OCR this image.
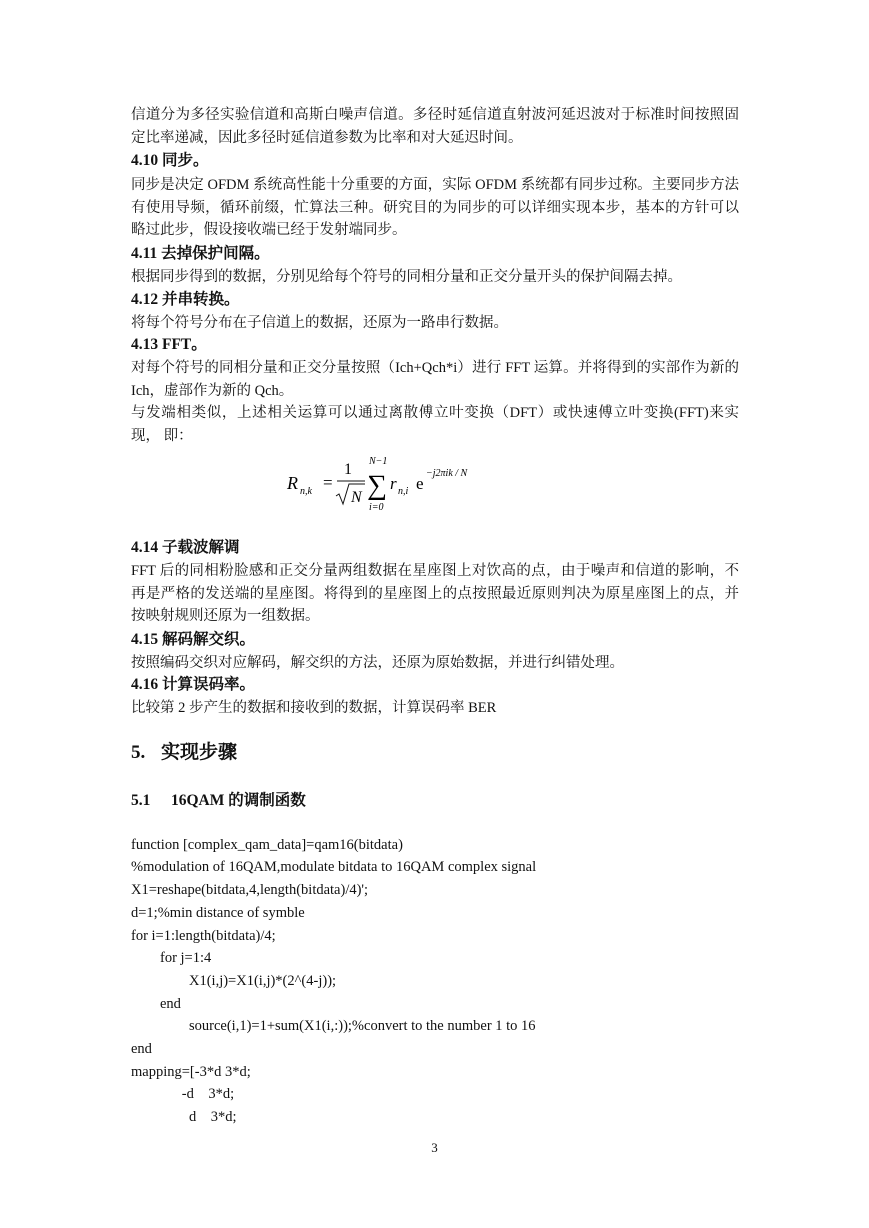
信道分为多径实验信道和高斯白噪声信道。多径时延信道直射波河延迟波对于标准时间按照固定比率递减，因此多径时延信道参数为比率和对大延迟时间。

4.10 同步。

同步是决定 OFDM 系统高性能十分重要的方面，实际 OFDM 系统都有同步过称。主要同步方法有使用导频，循环前缀，忙算法三种。研究目的为同步的可以详细实现本步，基本的方针可以略过此步，假设接收端已经于发射端同步。

4.11 去掉保护间隔。

根据同步得到的数据，分别见给每个符号的同相分量和正交分量开头的保护间隔去掉。

4.12 并串转换。

将每个符号分布在子信道上的数据，还原为一路串行数据。

4.13 FFT。

对每个符号的同相分量和正交分量按照（Ich+Qch*i）进行 FFT 运算。并将得到的实部作为新的 Ich，虚部作为新的 Qch。

与发端相类似，上述相关运算可以通过离散傅立叶变换（DFT）或快速傅立叶变换(FFT)来实现， 即：

R n,k =
1
N
N−1
∑
i=0
r n,i e
−j2πik / N
4.14 子载波解调

FFT 后的同相粉脸感和正交分量两组数据在星座图上对饮高的点，由于噪声和信道的影响，不再是严格的发送端的星座图。将得到的星座图上的点按照最近原则判决为原星座图上的点，并按映射规则还原为一组数据。

4.15 解码解交织。

按照编码交织对应解码，解交织的方法，还原为原始数据，并进行纠错处理。

4.16 计算误码率。

比较第 2 步产生的数据和接收到的数据，计算误码率 BER

5. 实现步骤
5.1 16QAM 的调制函数

function [complex_qam_data]=qam16(bitdata)
%modulation of 16QAM,modulate bitdata to 16QAM complex signal
X1=reshape(bitdata,4,length(bitdata)/4)';
d=1;%min distance of symble
for i=1:length(bitdata)/4;
for j=1:4
X1(i,j)=X1(i,j)*(2^(4-j));
end
source(i,1)=1+sum(X1(i,:));%convert to the number 1 to 16
end
mapping=[-3*d 3*d;
-d    3*d;
d    3*d;
3
